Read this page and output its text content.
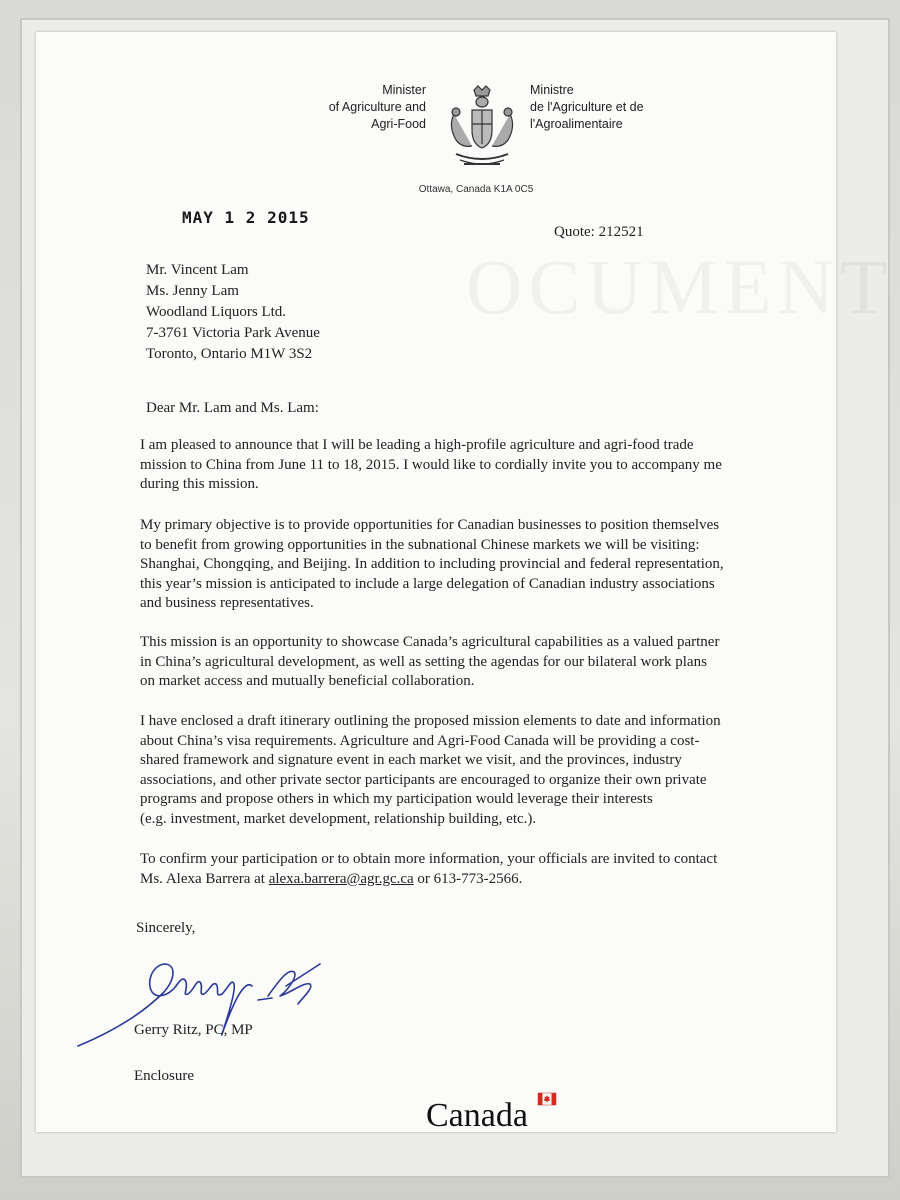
Minister
of Agriculture and
Agri-Food
Ministre
de l'Agriculture et de
l'Agroalimentaire
Ottawa, Canada K1A 0C5
MAY 1 2 2015
Quote: 212521
Mr. Vincent Lam
Ms. Jenny Lam
Woodland Liquors Ltd.
7-3761 Victoria Park Avenue
Toronto, Ontario M1W 3S2
Dear Mr. Lam and Ms. Lam:
I am pleased to announce that I will be leading a high-profile agriculture and agri-food trade
mission to China from June 11 to 18, 2015. I would like to cordially invite you to accompany me
during this mission.
My primary objective is to provide opportunities for Canadian businesses to position themselves
to benefit from growing opportunities in the subnational Chinese markets we will be visiting:
Shanghai, Chongqing, and Beijing. In addition to including provincial and federal representation,
this year’s mission is anticipated to include a large delegation of Canadian industry associations
and business representatives.
This mission is an opportunity to showcase Canada’s agricultural capabilities as a valued partner
in China’s agricultural development, as well as setting the agendas for our bilateral work plans
on market access and mutually beneficial collaboration.
I have enclosed a draft itinerary outlining the proposed mission elements to date and information
about China’s visa requirements. Agriculture and Agri-Food Canada will be providing a cost-
shared framework and signature event in each market we visit, and the provinces, industry
associations, and other private sector participants are encouraged to organize their own private
programs and propose others in which my participation would leverage their interests
(e.g. investment, market development, relationship building, etc.).
To confirm your participation or to obtain more information, your officials are invited to contact
Ms. Alexa Barrera at alexa.barrera@agr.gc.ca or 613-773-2566.
Sincerely,
Gerry Ritz, PC, MP
Enclosure
Canada
